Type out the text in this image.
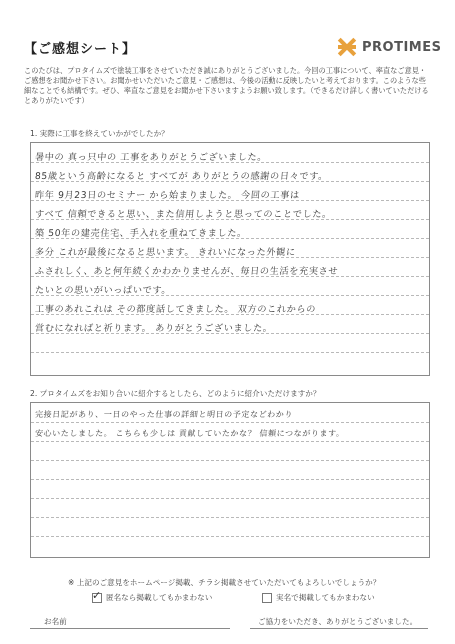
【ご感想シート】	PROTIMES
このたびは、プロタイムズで塗装工事をさせていただき誠にありがとうございました。今回の工事について、率直なご意見・ご感想をお聞かせ下さい。お聞かせいただいたご意見・ご感想は、今後の活動に反映したいと考えております。このような些細なことでも結構です。ぜひ、率直なご意見をお聞かせ下さいますようお願い致します。（できるだけ詳しく書いていただけるとありがたいです）
1. 実際に工事を終えていかがでしたか？
暑中の 真っ只中の 工事をありがとうございました。
85歳という高齢になると すべてが ありがとうの感謝の日々です。
昨年 9月23日のセミナー から始まりました。 今回の工事は
すべて 信頼できると思い、また信用しようと思ってのことでした。
築 50年の建売住宅、手入れを重ねてきました。
多分 これが最後になると思います。 きれいになった外観に
ふされしく、あと何年続くかわかりませんが、毎日の生活を充実させ
たいとの思いがいっぱいです。
工事のあれこれは その都度話してきました。 双方のこれからの
営むになればと祈ります。 ありがとうございました。
2. プロタイムズをお知り合いに紹介するとしたら、どのように紹介いただけますか？
完接日記があり、一日のやった仕事の詳細と明日の予定などわかり
安心いたしました。 こちらも少しは 貢献していたかな？ 信頼につながります。
※ 上記のご意見をホームページ掲載、チラシ掲載させていただいてもよろしいでしょうか？
✓ 匿名なら掲載してもかまわない	実名で掲載してもかまわない
お名前	ご協力をいただき、ありがとうございました。
